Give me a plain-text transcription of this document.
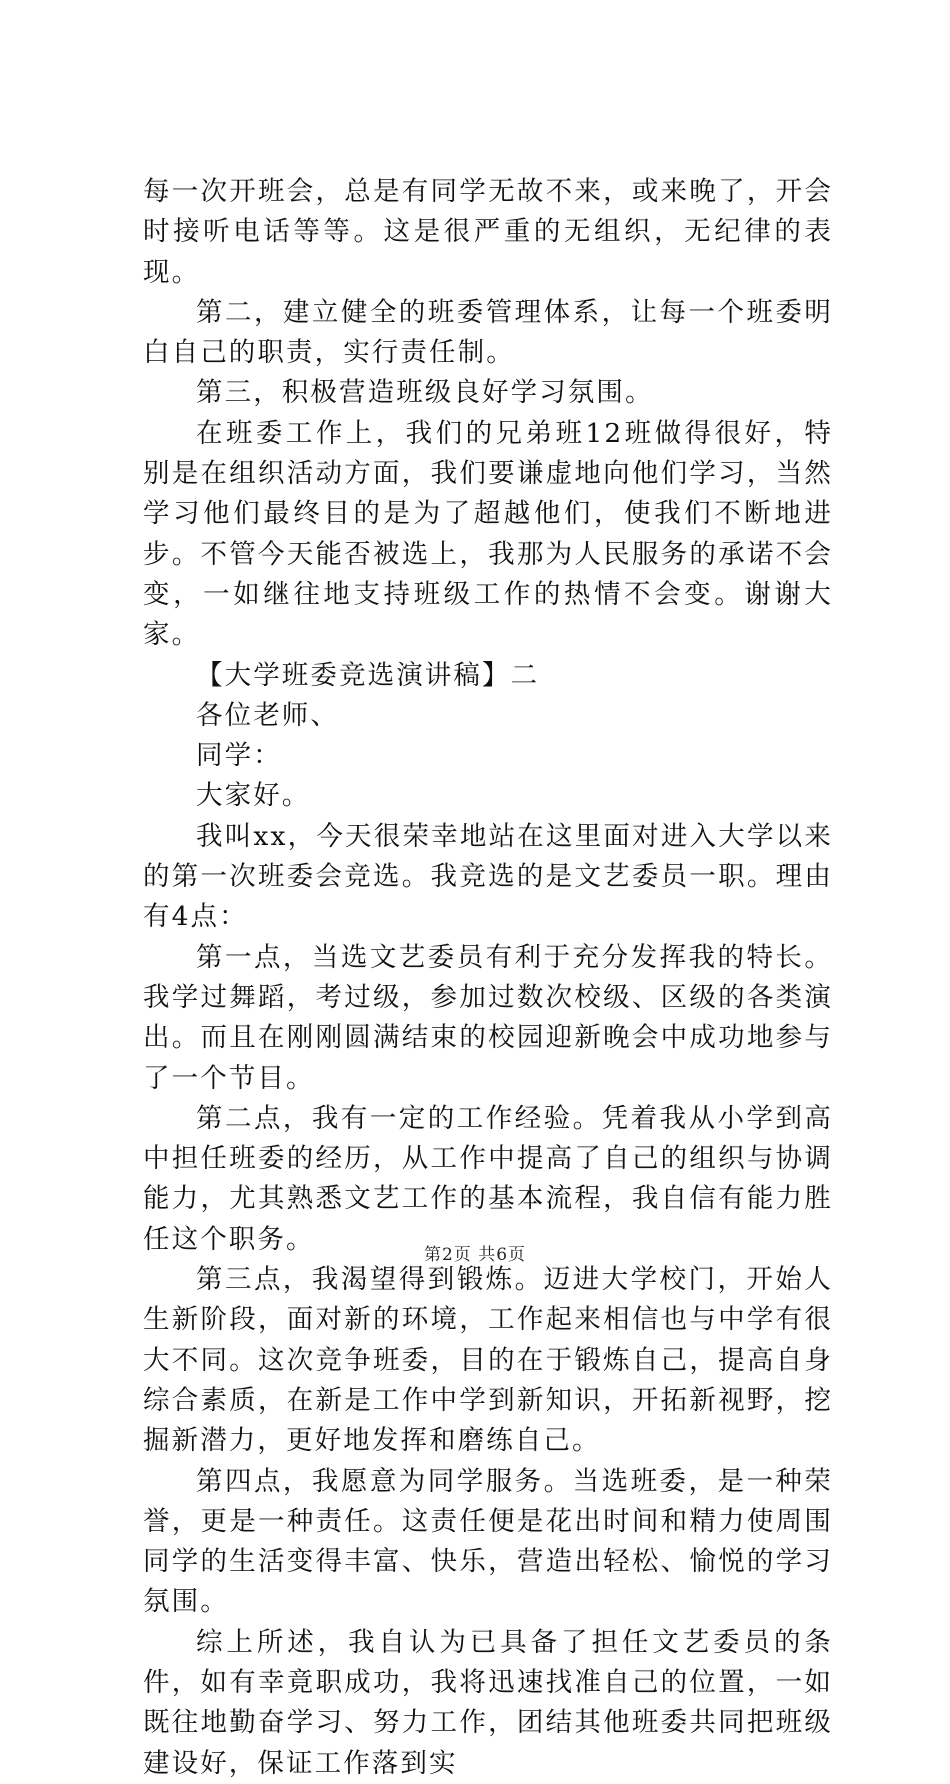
每一次开班会，总是有同学无故不来，或来晚了，开会时接听电话等等。这是很严重的无组织，无纪律的表现。

第二，建立健全的班委管理体系，让每一个班委明白自己的职责，实行责任制。

第三，积极营造班级良好学习氛围。

在班委工作上，我们的兄弟班12班做得很好，特别是在组织活动方面，我们要谦虚地向他们学习，当然学习他们最终目的是为了超越他们，使我们不断地进步。不管今天能否被选上，我那为人民服务的承诺不会变，一如继往地支持班级工作的热情不会变。谢谢大家。

【大学班委竞选演讲稿】二

各位老师、

同学：

大家好。

我叫xx，今天很荣幸地站在这里面对进入大学以来的第一次班委会竞选。我竞选的是文艺委员一职。理由有4点：

第一点，当选文艺委员有利于充分发挥我的特长。我学过舞蹈，考过级，参加过数次校级、区级的各类演出。而且在刚刚圆满结束的校园迎新晚会中成功地参与了一个节目。

第二点，我有一定的工作经验。凭着我从小学到高中担任班委的经历，从工作中提高了自己的组织与协调能力，尤其熟悉文艺工作的基本流程，我自信有能力胜任这个职务。

第三点，我渴望得到锻炼。迈进大学校门，开始人生新阶段，面对新的环境，工作起来相信也与中学有很大不同。这次竞争班委，目的在于锻炼自己，提高自身综合素质，在新是工作中学到新知识，开拓新视野，挖掘新潜力，更好地发挥和磨练自己。

第四点，我愿意为同学服务。当选班委，是一种荣誉，更是一种责任。这责任便是花出时间和精力使周围同学的生活变得丰富、快乐，营造出轻松、愉悦的学习氛围。

综上所述，我自认为已具备了担任文艺委员的条件，如有幸竟职成功，我将迅速找准自己的位置，一如既往地勤奋学习、努力工作，团结其他班委共同把班级建设好，保证工作落到实

第2页 共6页
